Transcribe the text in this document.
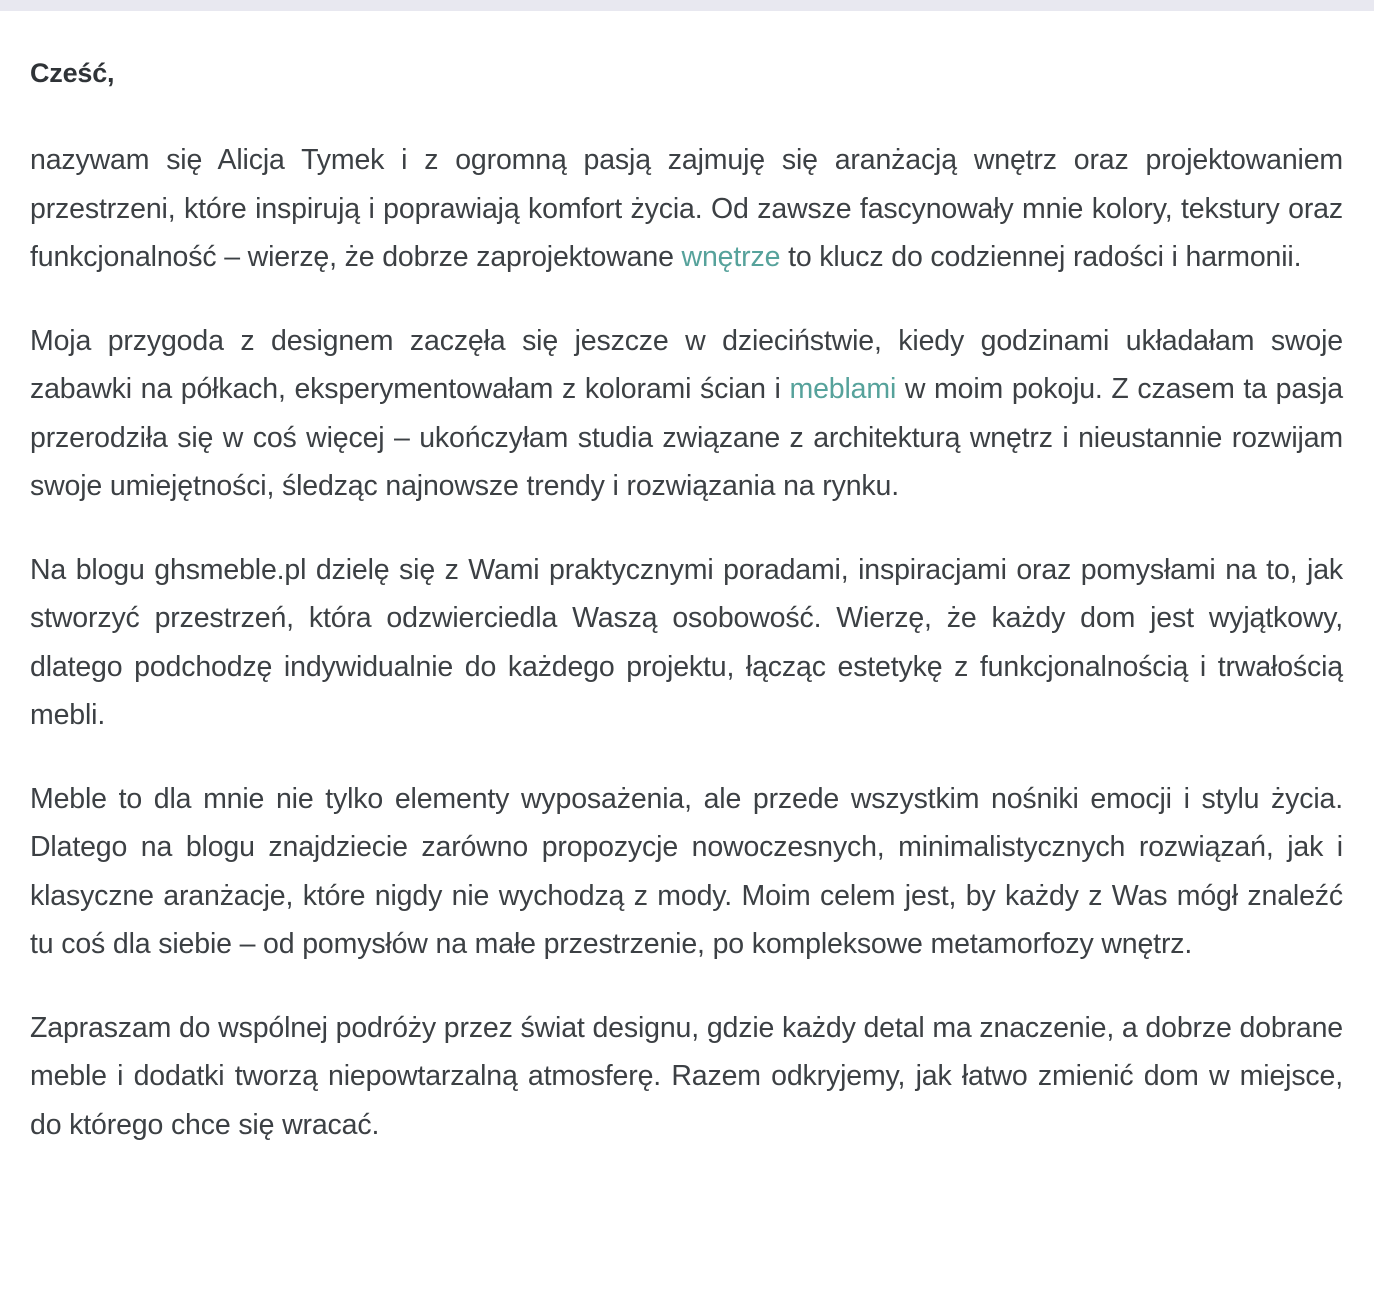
Cześć,

nazywam się Alicja Tymek i z ogromną pasją zajmuję się aranżacją wnętrz oraz projektowaniem przestrzeni, które inspirują i poprawiają komfort życia. Od zawsze fascynowały mnie kolory, tekstury oraz funkcjonalność – wierzę, że dobrze zaprojektowane wnętrze to klucz do codziennej radości i harmonii.

Moja przygoda z designem zaczęła się jeszcze w dzieciństwie, kiedy godzinami układałam swoje zabawki na półkach, eksperymentowałam z kolorami ścian i meblami w moim pokoju. Z czasem ta pasja przerodziła się w coś więcej – ukończyłam studia związane z architekturą wnętrz i nieustannie rozwijam swoje umiejętności, śledząc najnowsze trendy i rozwiązania na rynku.

Na blogu ghsmeble.pl dzielę się z Wami praktycznymi poradami, inspiracjami oraz pomysłami na to, jak stworzyć przestrzeń, która odzwierciedla Waszą osobowość. Wierzę, że każdy dom jest wyjątkowy, dlatego podchodzę indywidualnie do każdego projektu, łącząc estetykę z funkcjonalnością i trwałością mebli.

Meble to dla mnie nie tylko elementy wyposażenia, ale przede wszystkim nośniki emocji i stylu życia. Dlatego na blogu znajdziecie zarówno propozycje nowoczesnych, minimalistycznych rozwiązań, jak i klasyczne aranżacje, które nigdy nie wychodzą z mody. Moim celem jest, by każdy z Was mógł znaleźć tu coś dla siebie – od pomysłów na małe przestrzenie, po kompleksowe metamorfozy wnętrz.

Zapraszam do wspólnej podróży przez świat designu, gdzie każdy detal ma znaczenie, a dobrze dobrane meble i dodatki tworzą niepowtarzalną atmosferę. Razem odkryjemy, jak łatwo zmienić dom w miejsce, do którego chce się wracać.
